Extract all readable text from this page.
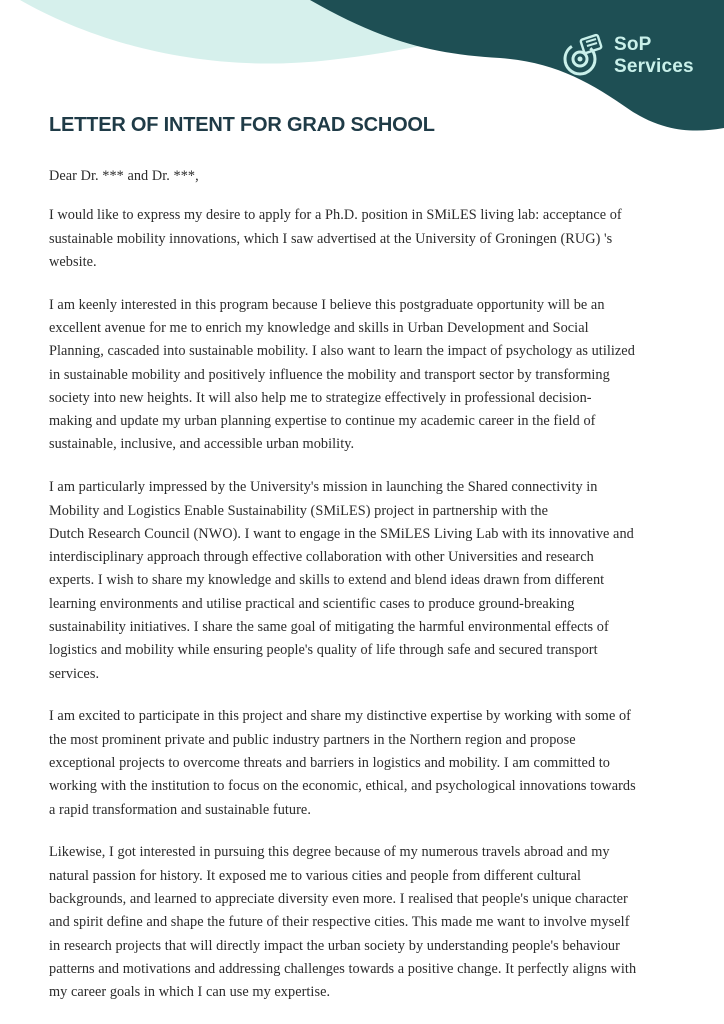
SoP
Services
LETTER OF INTENT FOR GRAD SCHOOL

Dear Dr. *** and Dr. ***,

I would like to express my desire to apply for a Ph.D. position in SMiLES living lab: acceptance of
sustainable mobility innovations, which I saw advertised at the University of Groningen (RUG) 's
website.

I am keenly interested in this program because I believe this postgraduate opportunity will be an
excellent avenue for me to enrich my knowledge and skills in Urban Development and Social
Planning, cascaded into sustainable mobility. I also want to learn the impact of psychology as utilized
in sustainable mobility and positively influence the mobility and transport sector by transforming
society into new heights. It will also help me to strategize effectively in professional decision-
making and update my urban planning expertise to continue my academic career in the field of
sustainable, inclusive, and accessible urban mobility.

I am particularly impressed by the University's mission in launching the Shared connectivity in
Mobility and Logistics Enable Sustainability (SMiLES) project in partnership with the
Dutch Research Council (NWO). I want to engage in the SMiLES Living Lab with its innovative and
interdisciplinary approach through effective collaboration with other Universities and research
experts. I wish to share my knowledge and skills to extend and blend ideas drawn from different
learning environments and utilise practical and scientific cases to produce ground-breaking
sustainability initiatives. I share the same goal of mitigating the harmful environmental effects of
logistics and mobility while ensuring people's quality of life through safe and secured transport
services.

I am excited to participate in this project and share my distinctive expertise by working with some of
the most prominent private and public industry partners in the Northern region and propose
exceptional projects to overcome threats and barriers in logistics and mobility. I am committed to
working with the institution to focus on the economic, ethical, and psychological innovations towards
a rapid transformation and sustainable future.

Likewise, I got interested in pursuing this degree because of my numerous travels abroad and my
natural passion for history. It exposed me to various cities and people from different cultural
backgrounds, and learned to appreciate diversity even more. I realised that people's unique character
and spirit define and shape the future of their respective cities. This made me want to involve myself
in research projects that will directly impact the urban society by understanding people's behaviour
patterns and motivations and addressing challenges towards a positive change. It perfectly aligns with
my career goals in which I can use my expertise.
